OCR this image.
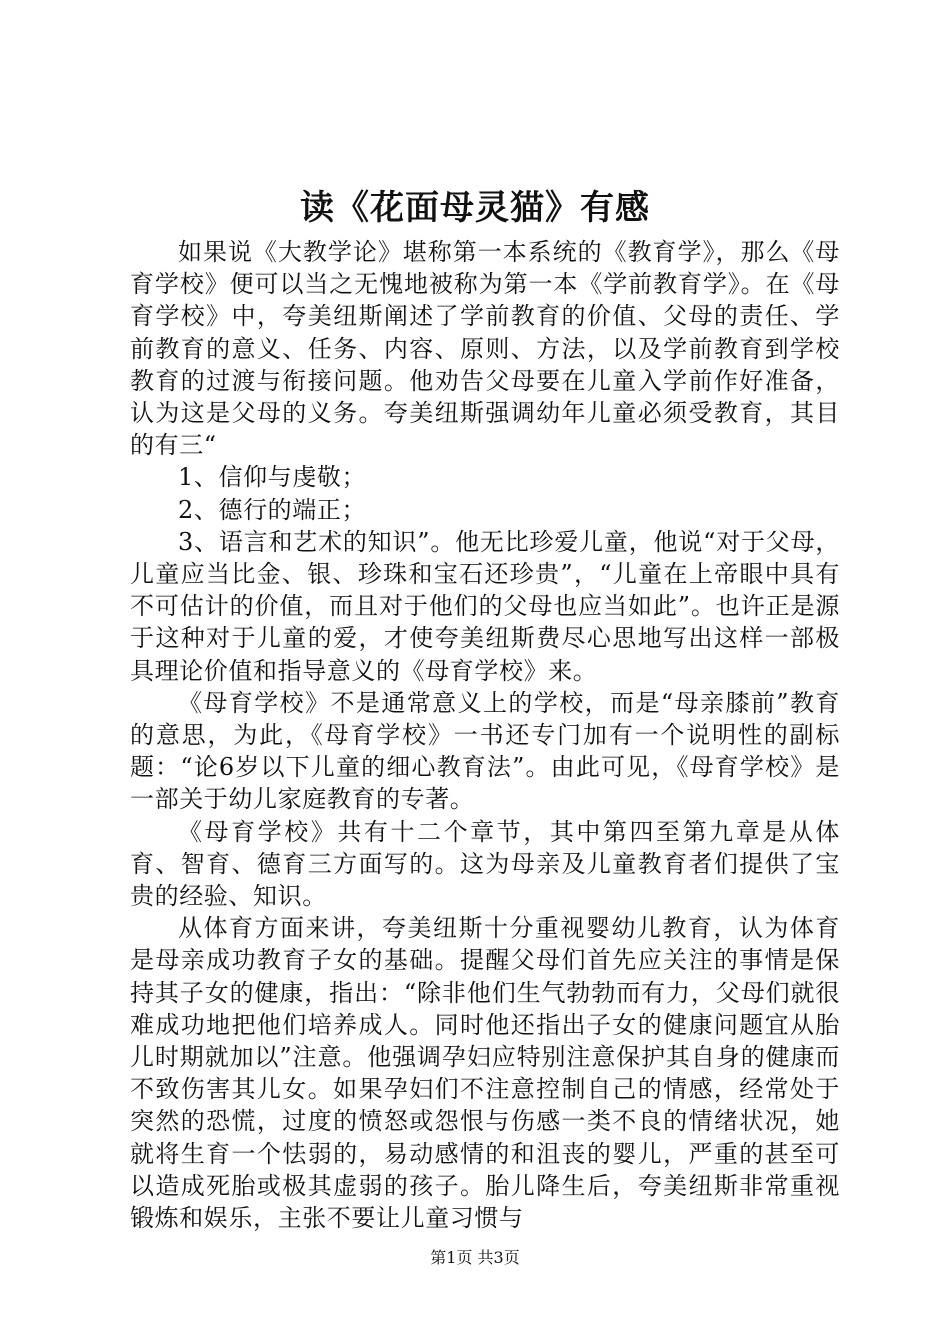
读《花面母灵猫》有感

如果说《大教学论》堪称第一本系统的《教育学》，那么《母育学校》便可以当之无愧地被称为第一本《学前教育学》。在《母育学校》中，夸美纽斯阐述了学前教育的价值、父母的责任、学前教育的意义、任务、内容、原则、方法，以及学前教育到学校教育的过渡与衔接问题。他劝告父母要在儿童入学前作好准备，认为这是父母的义务。夸美纽斯强调幼年儿童必须受教育，其目的有三“

1、信仰与虔敬；

2、德行的端正；

3、语言和艺术的知识”。他无比珍爱儿童，他说“对于父母，儿童应当比金、银、珍珠和宝石还珍贵”，“儿童在上帝眼中具有不可估计的价值，而且对于他们的父母也应当如此”。也许正是源于这种对于儿童的爱，才使夸美纽斯费尽心思地写出这样一部极具理论价值和指导意义的《母育学校》来。

《母育学校》不是通常意义上的学校，而是“母亲膝前”教育的意思，为此，《母育学校》一书还专门加有一个说明性的副标题：“论6岁以下儿童的细心教育法”。由此可见，《母育学校》是一部关于幼儿家庭教育的专著。

《母育学校》共有十二个章节，其中第四至第九章是从体育、智育、德育三方面写的。这为母亲及儿童教育者们提供了宝贵的经验、知识。

从体育方面来讲，夸美纽斯十分重视婴幼儿教育，认为体育是母亲成功教育子女的基础。提醒父母们首先应关注的事情是保持其子女的健康，指出：“除非他们生气勃勃而有力，父母们就很难成功地把他们培养成人。同时他还指出子女的健康问题宜从胎儿时期就加以”注意。他强调孕妇应特别注意保护其自身的健康而不致伤害其儿女。如果孕妇们不注意控制自己的情感，经常处于突然的恐慌，过度的愤怒或怨恨与伤感一类不良的情绪状况，她就将生育一个怯弱的，易动感情的和沮丧的婴儿，严重的甚至可以造成死胎或极其虚弱的孩子。胎儿降生后，夸美纽斯非常重视锻炼和娱乐，主张不要让儿童习惯与

第1页 共3页
